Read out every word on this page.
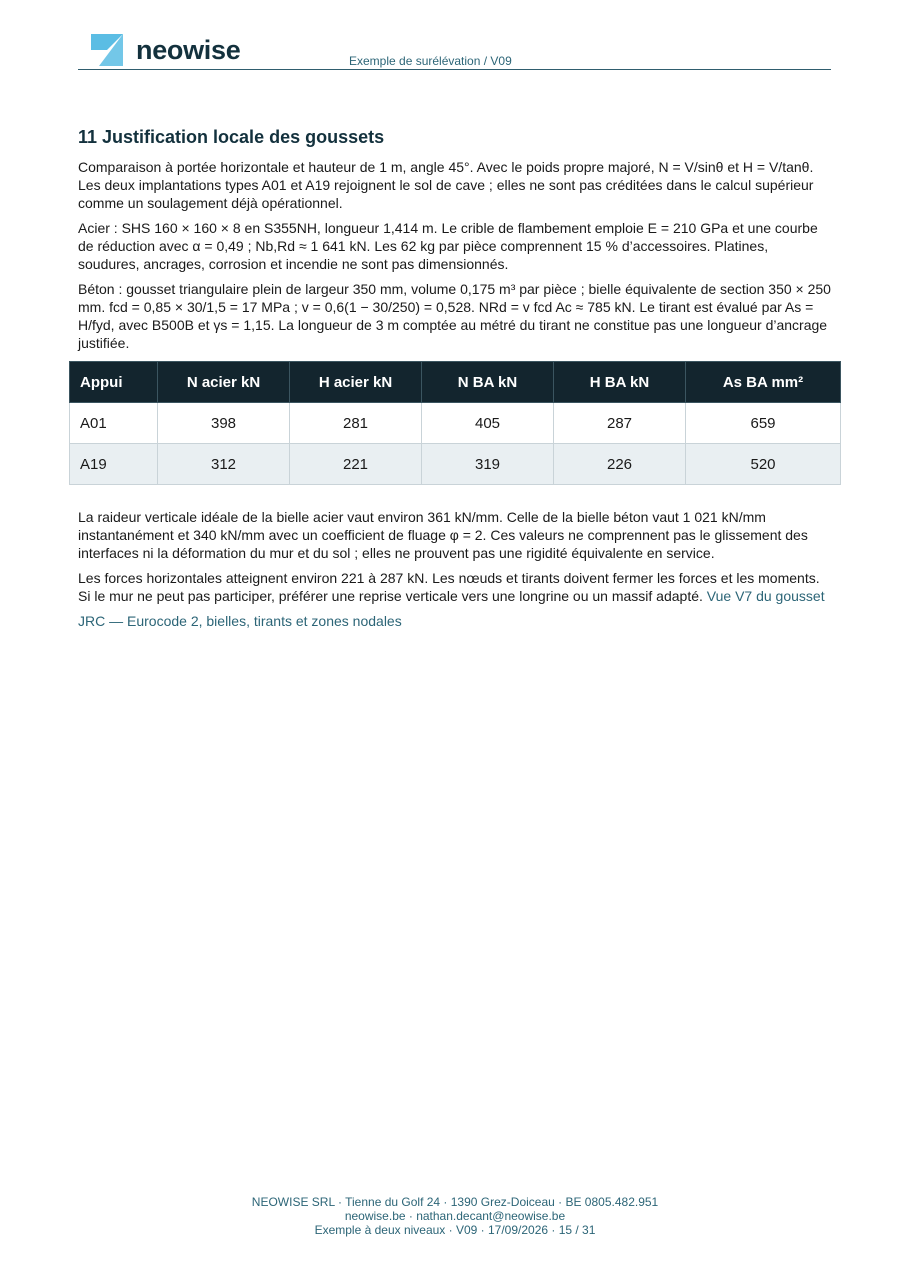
neowise	Exemple de surélévation / V09
11 Justification locale des goussets

Comparaison à portée horizontale et hauteur de 1 m, angle 45°. Avec le poids propre majoré, N = V/sinθ et H = V/tanθ. Les deux implantations types A01 et A19 rejoignent le sol de cave ; elles ne sont pas créditées dans le calcul supérieur comme un soulagement déjà opérationnel.

Acier : SHS 160 × 160 × 8 en S355NH, longueur 1,414 m. Le crible de flambement emploie E = 210 GPa et une courbe de réduction avec α = 0,49 ; Nb,Rd ≈ 1 641 kN. Les 62 kg par pièce comprennent 15 % d’accessoires. Platines, soudures, ancrages, corrosion et incendie ne sont pas dimensionnés.

Béton : gousset triangulaire plein de largeur 350 mm, volume 0,175 m³ par pièce ; bielle équivalente de section 350 × 250 mm. fcd = 0,85 × 30/1,5 = 17 MPa ; v = 0,6(1 − 30/250) = 0,528. NRd = v fcd Ac ≈ 785 kN. Le tirant est évalué par As = H/fyd, avec B500B et γs = 1,15. La longueur de 3 m comptée au métré du tirant ne constitue pas une longueur d’ancrage justifiée.

Appui	N acier kN	H acier kN	N BA kN	H BA kN	As BA mm²
A01	398	281	405	287	659
A19	312	221	319	226	520

La raideur verticale idéale de la bielle acier vaut environ 361 kN/mm. Celle de la bielle béton vaut 1 021 kN/mm instantanément et 340 kN/mm avec un coefficient de fluage φ = 2. Ces valeurs ne comprennent pas le glissement des interfaces ni la déformation du mur et du sol ; elles ne prouvent pas une rigidité équivalente en service.

Les forces horizontales atteignent environ 221 à 287 kN. Les nœuds et tirants doivent fermer les forces et les moments. Si le mur ne peut pas participer, préférer une reprise verticale vers une longrine ou un massif adapté. Vue V7 du gousset

JRC — Eurocode 2, bielles, tirants et zones nodales
NEOWISE SRL · Tienne du Golf 24 · 1390 Grez-Doiceau · BE 0805.482.951
neowise.be · nathan.decant@neowise.be
Exemple à deux niveaux · V09 · 17/09/2026 · 15 / 31
